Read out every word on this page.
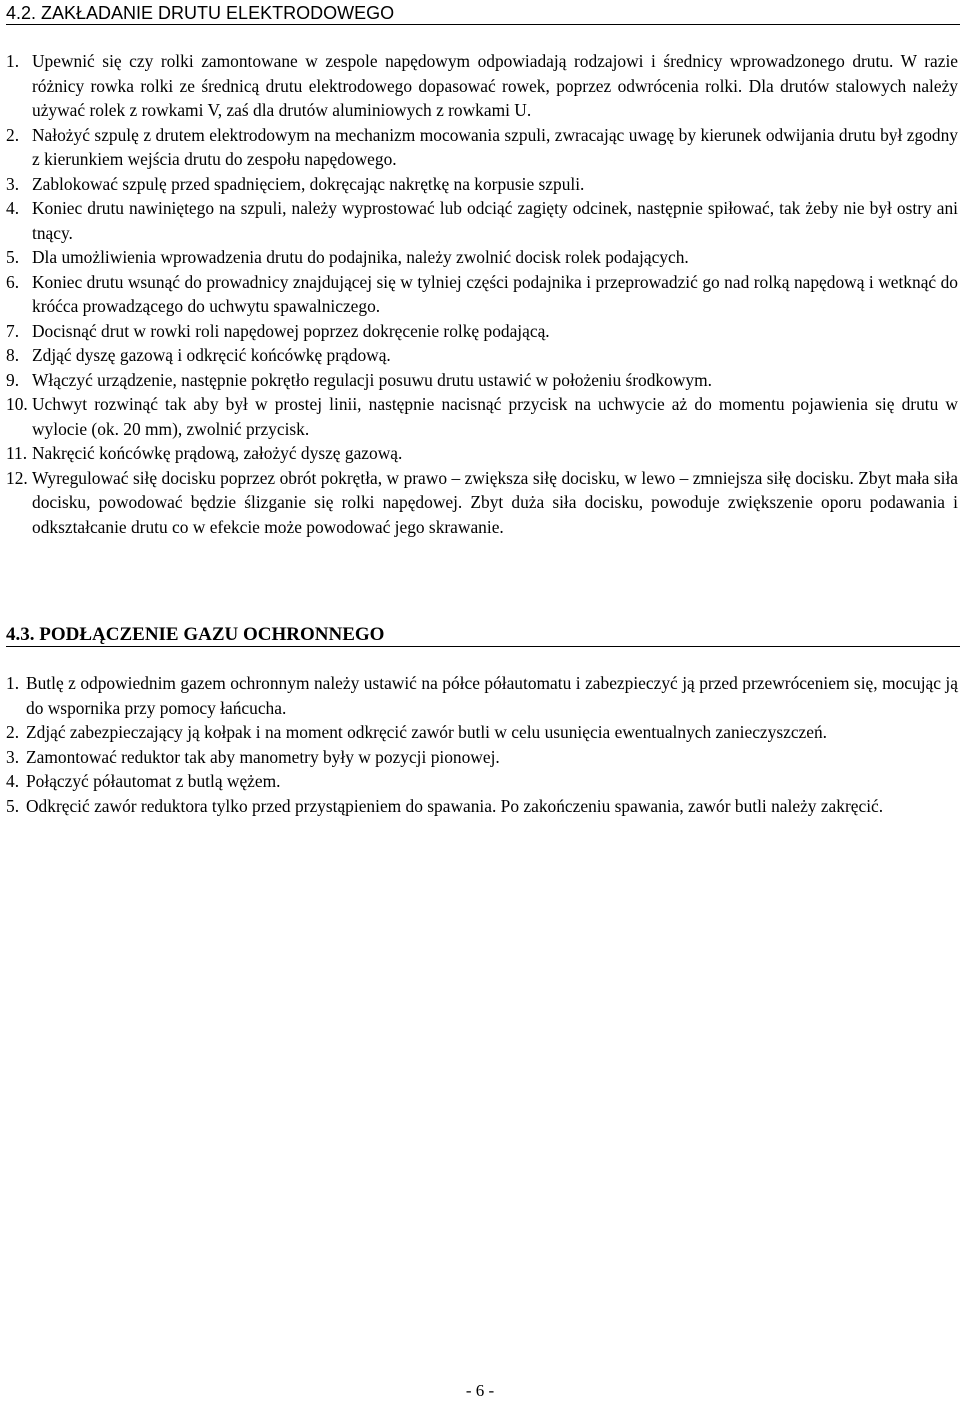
4.2. ZAKŁADANIE DRUTU ELEKTRODOWEGO
1. Upewnić się czy rolki zamontowane w zespole napędowym odpowiadają rodzajowi i średnicy wprowadzonego drutu. W razie różnicy rowka rolki ze średnicą drutu elektrodowego dopasować rowek, poprzez odwrócenia rolki. Dla drutów stalowych należy używać rolek z rowkami V, zaś dla drutów aluminiowych z rowkami U.
2. Nałożyć szpulę z drutem elektrodowym na mechanizm mocowania szpuli, zwracając uwagę by kierunek odwijania drutu był zgodny z kierunkiem wejścia drutu do zespołu napędowego.
3. Zablokować szpulę przed spadnięciem, dokręcając nakrętkę na korpusie szpuli.
4. Koniec drutu nawiniętego na szpuli, należy wyprostować lub odciąć zagięty odcinek, następnie spiłować, tak żeby nie był ostry ani tnący.
5. Dla umożliwienia wprowadzenia drutu do podajnika, należy zwolnić docisk rolek podających.
6. Koniec drutu wsunąć do prowadnicy znajdującej się w tylniej części podajnika i przeprowadzić go nad rolką napędową i wetknąć do króćca prowadzącego do uchwytu spawalniczego.
7. Docisnąć drut w rowki roli napędowej poprzez dokręcenie rolkę podającą.
8. Zdjąć dyszę gazową i odkręcić końcówkę prądową.
9. Włączyć urządzenie, następnie pokrętło regulacji posuwu drutu ustawić w położeniu środkowym.
10. Uchwyt rozwinąć tak aby był w prostej linii, następnie nacisnąć przycisk na uchwycie aż do momentu pojawienia się drutu w wylocie (ok. 20 mm), zwolnić przycisk.
11. Nakręcić końcówkę prądową, założyć dyszę gazową.
12. Wyregulować siłę docisku poprzez obrót pokrętła, w prawo – zwiększa siłę docisku, w lewo – zmniejsza siłę docisku. Zbyt mała siła docisku, powodować będzie ślizganie się rolki napędowej. Zbyt duża siła docisku, powoduje zwiększenie oporu podawania i odkształcanie drutu co w efekcie może powodować jego skrawanie.
4.3. PODŁĄCZENIE GAZU OCHRONNEGO
1. Butlę z odpowiednim gazem ochronnym należy ustawić na półce półautomatu i zabezpieczyć ją przed przewróceniem się, mocując ją do wspornika przy pomocy łańcucha.
2. Zdjąć zabezpieczający ją kołpak i na moment odkręcić zawór butli w celu usunięcia ewentualnych zanieczyszczeń.
3. Zamontować reduktor tak aby manometry były w pozycji pionowej.
4. Połączyć półautomat z butlą wężem.
5. Odkręcić zawór reduktora tylko przed przystąpieniem do spawania. Po zakończeniu spawania, zawór butli należy zakręcić.
- 6 -
